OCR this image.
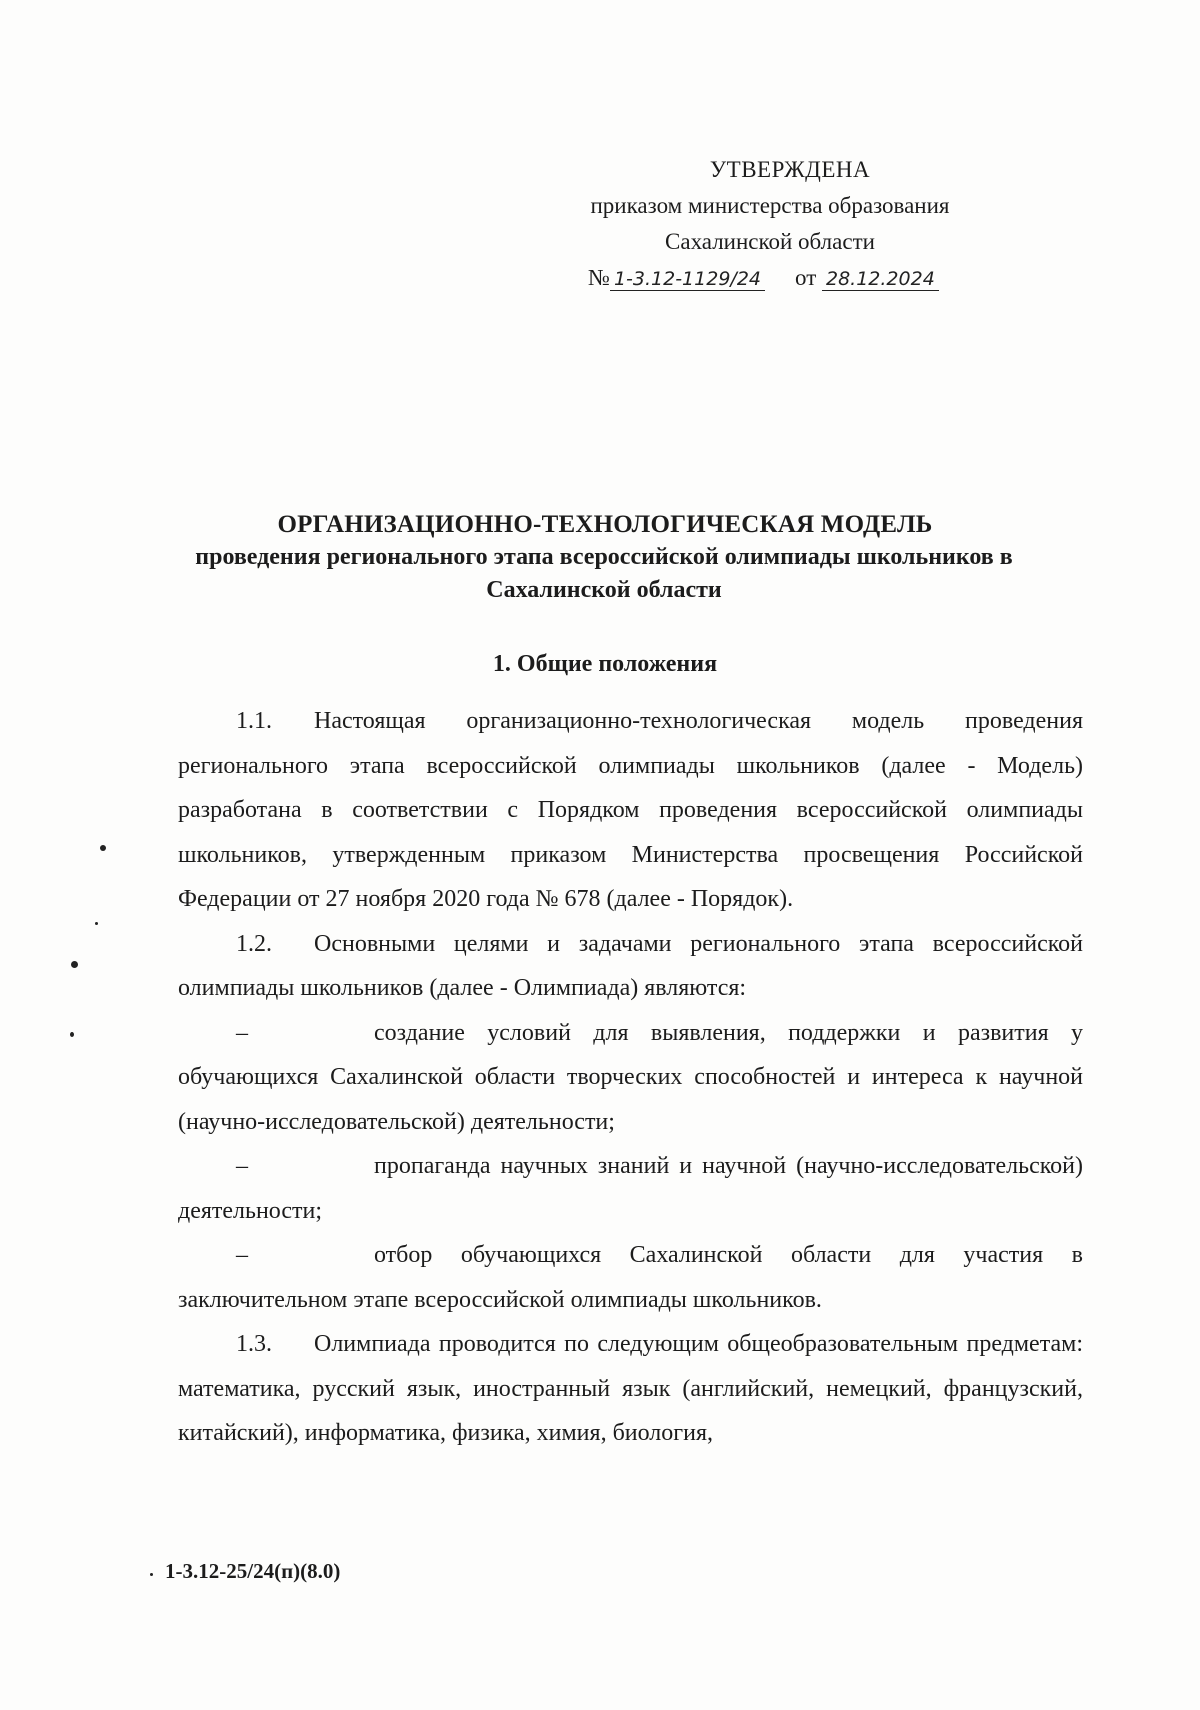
УТВЕРЖДЕНА
приказом министерства образования
Сахалинской области
№ 1-3.12-1129/24 от 28.12.2024
ОРГАНИЗАЦИОННО-ТЕХНОЛОГИЧЕСКАЯ МОДЕЛЬ
проведения регионального этапа всероссийской олимпиады школьников в Сахалинской области
1. Общие положения

1.1. Настоящая организационно-технологическая модель проведения регионального этапа всероссийской олимпиады школьников (далее - Модель) разработана в соответствии с Порядком проведения всероссийской олимпиады школьников, утвержденным приказом Министерства просвещения Российской Федерации от 27 ноября 2020 года № 678 (далее - Порядок).

1.2. Основными целями и задачами регионального этапа всероссийской олимпиады школьников (далее - Олимпиада) являются:

–	создание условий для выявления, поддержки и развития у обучающихся Сахалинской области творческих способностей и интереса к научной (научно-исследовательской) деятельности;

–	пропаганда научных знаний и научной (научно-исследовательской) деятельности;

–	отбор обучающихся Сахалинской области для участия в заключительном этапе всероссийской олимпиады школьников.

1.3. Олимпиада проводится по следующим общеобразовательным предметам: математика, русский язык, иностранный язык (английский, немецкий, французский, китайский), информатика, физика, химия, биология,

1-3.12-25/24(п)(8.0)
